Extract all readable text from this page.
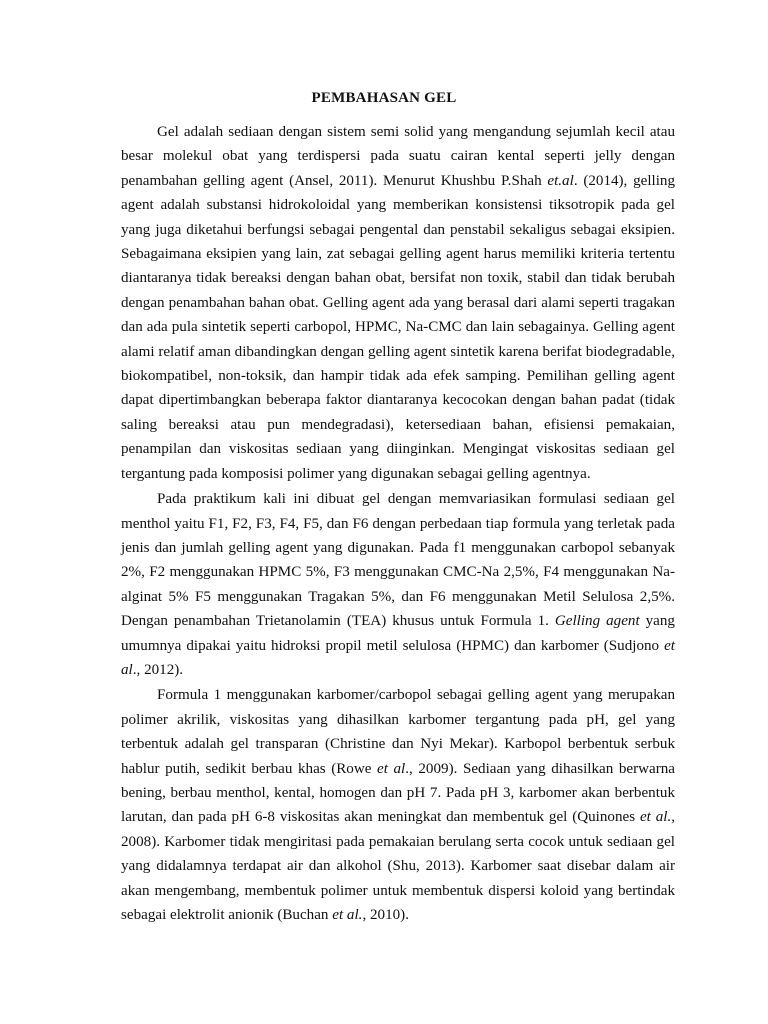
PEMBAHASAN GEL

Gel adalah sediaan dengan sistem semi solid yang mengandung sejumlah kecil atau besar molekul obat yang terdispersi pada suatu cairan kental seperti jelly dengan penambahan gelling agent (Ansel, 2011). Menurut Khushbu P.Shah et.al. (2014), gelling agent adalah substansi hidrokoloidal yang memberikan konsistensi tiksotropik pada gel yang juga diketahui berfungsi sebagai pengental dan penstabil sekaligus sebagai eksipien. Sebagaimana eksipien yang lain, zat sebagai gelling agent harus memiliki kriteria tertentu diantaranya tidak bereaksi dengan bahan obat, bersifat non toxik, stabil dan tidak berubah dengan penambahan bahan obat. Gelling agent ada yang berasal dari alami seperti tragakan dan ada pula sintetik seperti carbopol, HPMC, Na-CMC dan lain sebagainya. Gelling agent alami relatif aman dibandingkan dengan gelling agent sintetik karena berifat biodegradable, biokompatibel, non-toksik, dan hampir tidak ada efek samping. Pemilihan gelling agent dapat dipertimbangkan beberapa faktor diantaranya kecocokan dengan bahan padat (tidak saling bereaksi atau pun mendegradasi), ketersediaan bahan, efisiensi pemakaian, penampilan dan viskositas sediaan yang diinginkan. Mengingat viskositas sediaan gel tergantung pada komposisi polimer yang digunakan sebagai gelling agentnya.

Pada praktikum kali ini dibuat gel dengan memvariasikan formulasi sediaan gel menthol yaitu F1, F2, F3, F4, F5, dan F6 dengan perbedaan tiap formula yang terletak pada jenis dan jumlah gelling agent yang digunakan. Pada f1 menggunakan carbopol sebanyak 2%, F2 menggunakan HPMC 5%, F3 menggunakan CMC-Na 2,5%, F4 menggunakan Na-alginat 5% F5 menggunakan Tragakan 5%, dan F6 menggunakan Metil Selulosa 2,5%. Dengan penambahan Trietanolamin (TEA) khusus untuk Formula 1. Gelling agent yang umumnya dipakai yaitu hidroksi propil metil selulosa (HPMC) dan karbomer (Sudjono et al., 2012).

Formula 1 menggunakan karbomer/carbopol sebagai gelling agent yang merupakan polimer akrilik, viskositas yang dihasilkan karbomer tergantung pada pH, gel yang terbentuk adalah gel transparan (Christine dan Nyi Mekar). Karbopol berbentuk serbuk hablur putih, sedikit berbau khas (Rowe et al., 2009). Sediaan yang dihasilkan berwarna bening, berbau menthol, kental, homogen dan pH 7. Pada pH 3, karbomer akan berbentuk larutan, dan pada pH 6-8 viskositas akan meningkat dan membentuk gel (Quinones et al., 2008). Karbomer tidak mengiritasi pada pemakaian berulang serta cocok untuk sediaan gel yang didalamnya terdapat air dan alkohol (Shu, 2013). Karbomer saat disebar dalam air akan mengembang, membentuk polimer untuk membentuk dispersi koloid yang bertindak sebagai elektrolit anionik (Buchan et al., 2010).
